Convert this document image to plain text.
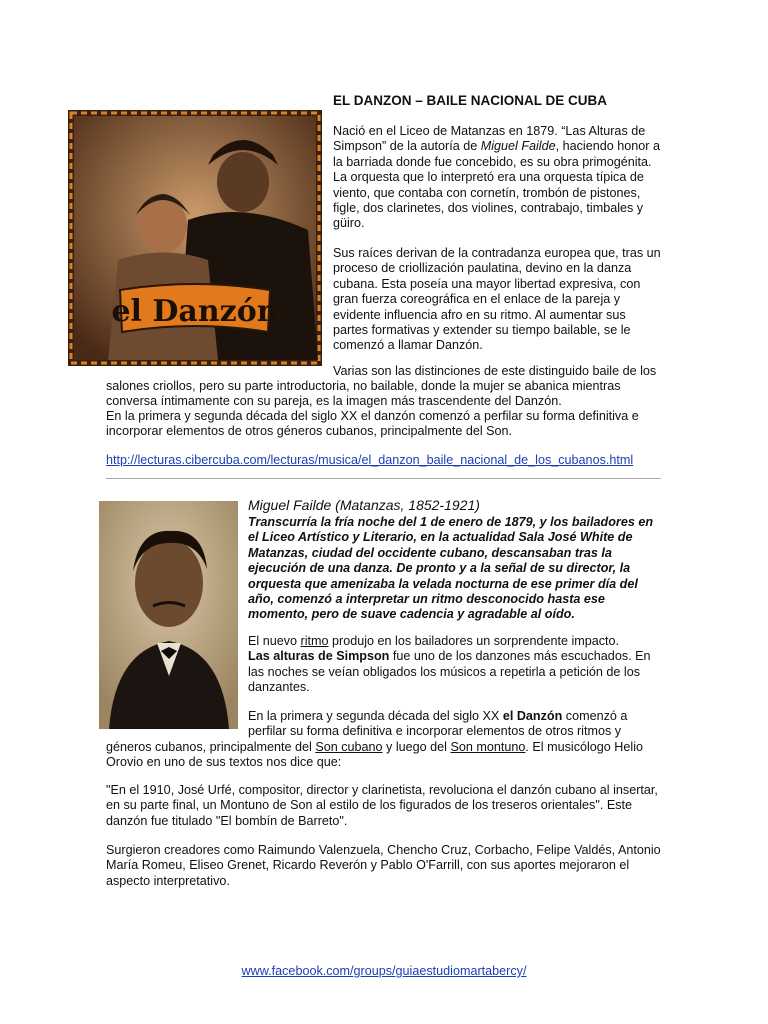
EL DANZON – BAILE NACIONAL DE CUBA
el Danzón
Nació en el Liceo de Matanzas en 1879. “Las Alturas de Simpson” de la autoría de Miguel Failde, haciendo honor a la barriada donde fue concebido, es su obra primogénita. La orquesta que lo interpretó era una orquesta típica de viento, que contaba con cornetín, trombón de pistones, figle, dos clarinetes, dos violines, contrabajo, timbales y güiro.
Sus raíces derivan de la contradanza europea que, tras un proceso de criollización paulatina, devino en la danza cubana. Esta poseía una mayor libertad expresiva, con gran fuerza coreográfica en el enlace de la pareja y evidente influencia afro en su ritmo. Al aumentar sus partes formativas y extender su tiempo bailable, se le comenzó a llamar Danzón.
Varias son las distinciones de este distinguido baile de los
salones criollos, pero su parte introductoria, no bailable, donde la mujer se abanica mientras conversa íntimamente con su pareja, es la imagen más trascendente del Danzón.
En la primera y segunda década del siglo XX el danzón comenzó a perfilar su forma definitiva e incorporar elementos de otros géneros cubanos, principalmente del Son.
http://lecturas.cibercuba.com/lecturas/musica/el_danzon_baile_nacional_de_los_cubanos.html
Miguel Failde (Matanzas, 1852-1921)
Transcurría la fría noche del 1 de enero de 1879, y los bailadores en el Liceo Artístico y Literario, en la actualidad Sala José White de Matanzas, ciudad del occidente cubano, descansaban tras la ejecución de una danza. De pronto y a la señal de su director, la orquesta que amenizaba la velada nocturna de ese primer día del año, comenzó a interpretar un ritmo desconocido hasta ese momento, pero de suave cadencia y agradable al oído.
El nuevo ritmo produjo en los bailadores un sorprendente impacto.
Las alturas de Simpson fue uno de los danzones más escuchados. En las noches se veían obligados los músicos a repetirla a petición de los danzantes.
En la primera y segunda década del siglo XX el Danzón comenzó a perfilar su forma definitiva e incorporar elementos de otros ritmos y
géneros cubanos, principalmente del Son cubano y luego del Son montuno. El musicólogo Helio Orovio en uno de sus textos nos dice que:
"En el 1910, José Urfé, compositor, director y clarinetista, revoluciona el danzón cubano al insertar, en su parte final, un Montuno de Son al estilo de los figurados de los treseros orientales". Este danzón fue titulado "El bombín de Barreto".
Surgieron creadores como Raimundo Valenzuela, Chencho Cruz, Corbacho, Felipe Valdés, Antonio María Romeu, Eliseo Grenet, Ricardo Reverón y Pablo O'Farrill, con sus aportes mejoraron el aspecto interpretativo.
www.facebook.com/groups/guiaestudiomartabercy/
